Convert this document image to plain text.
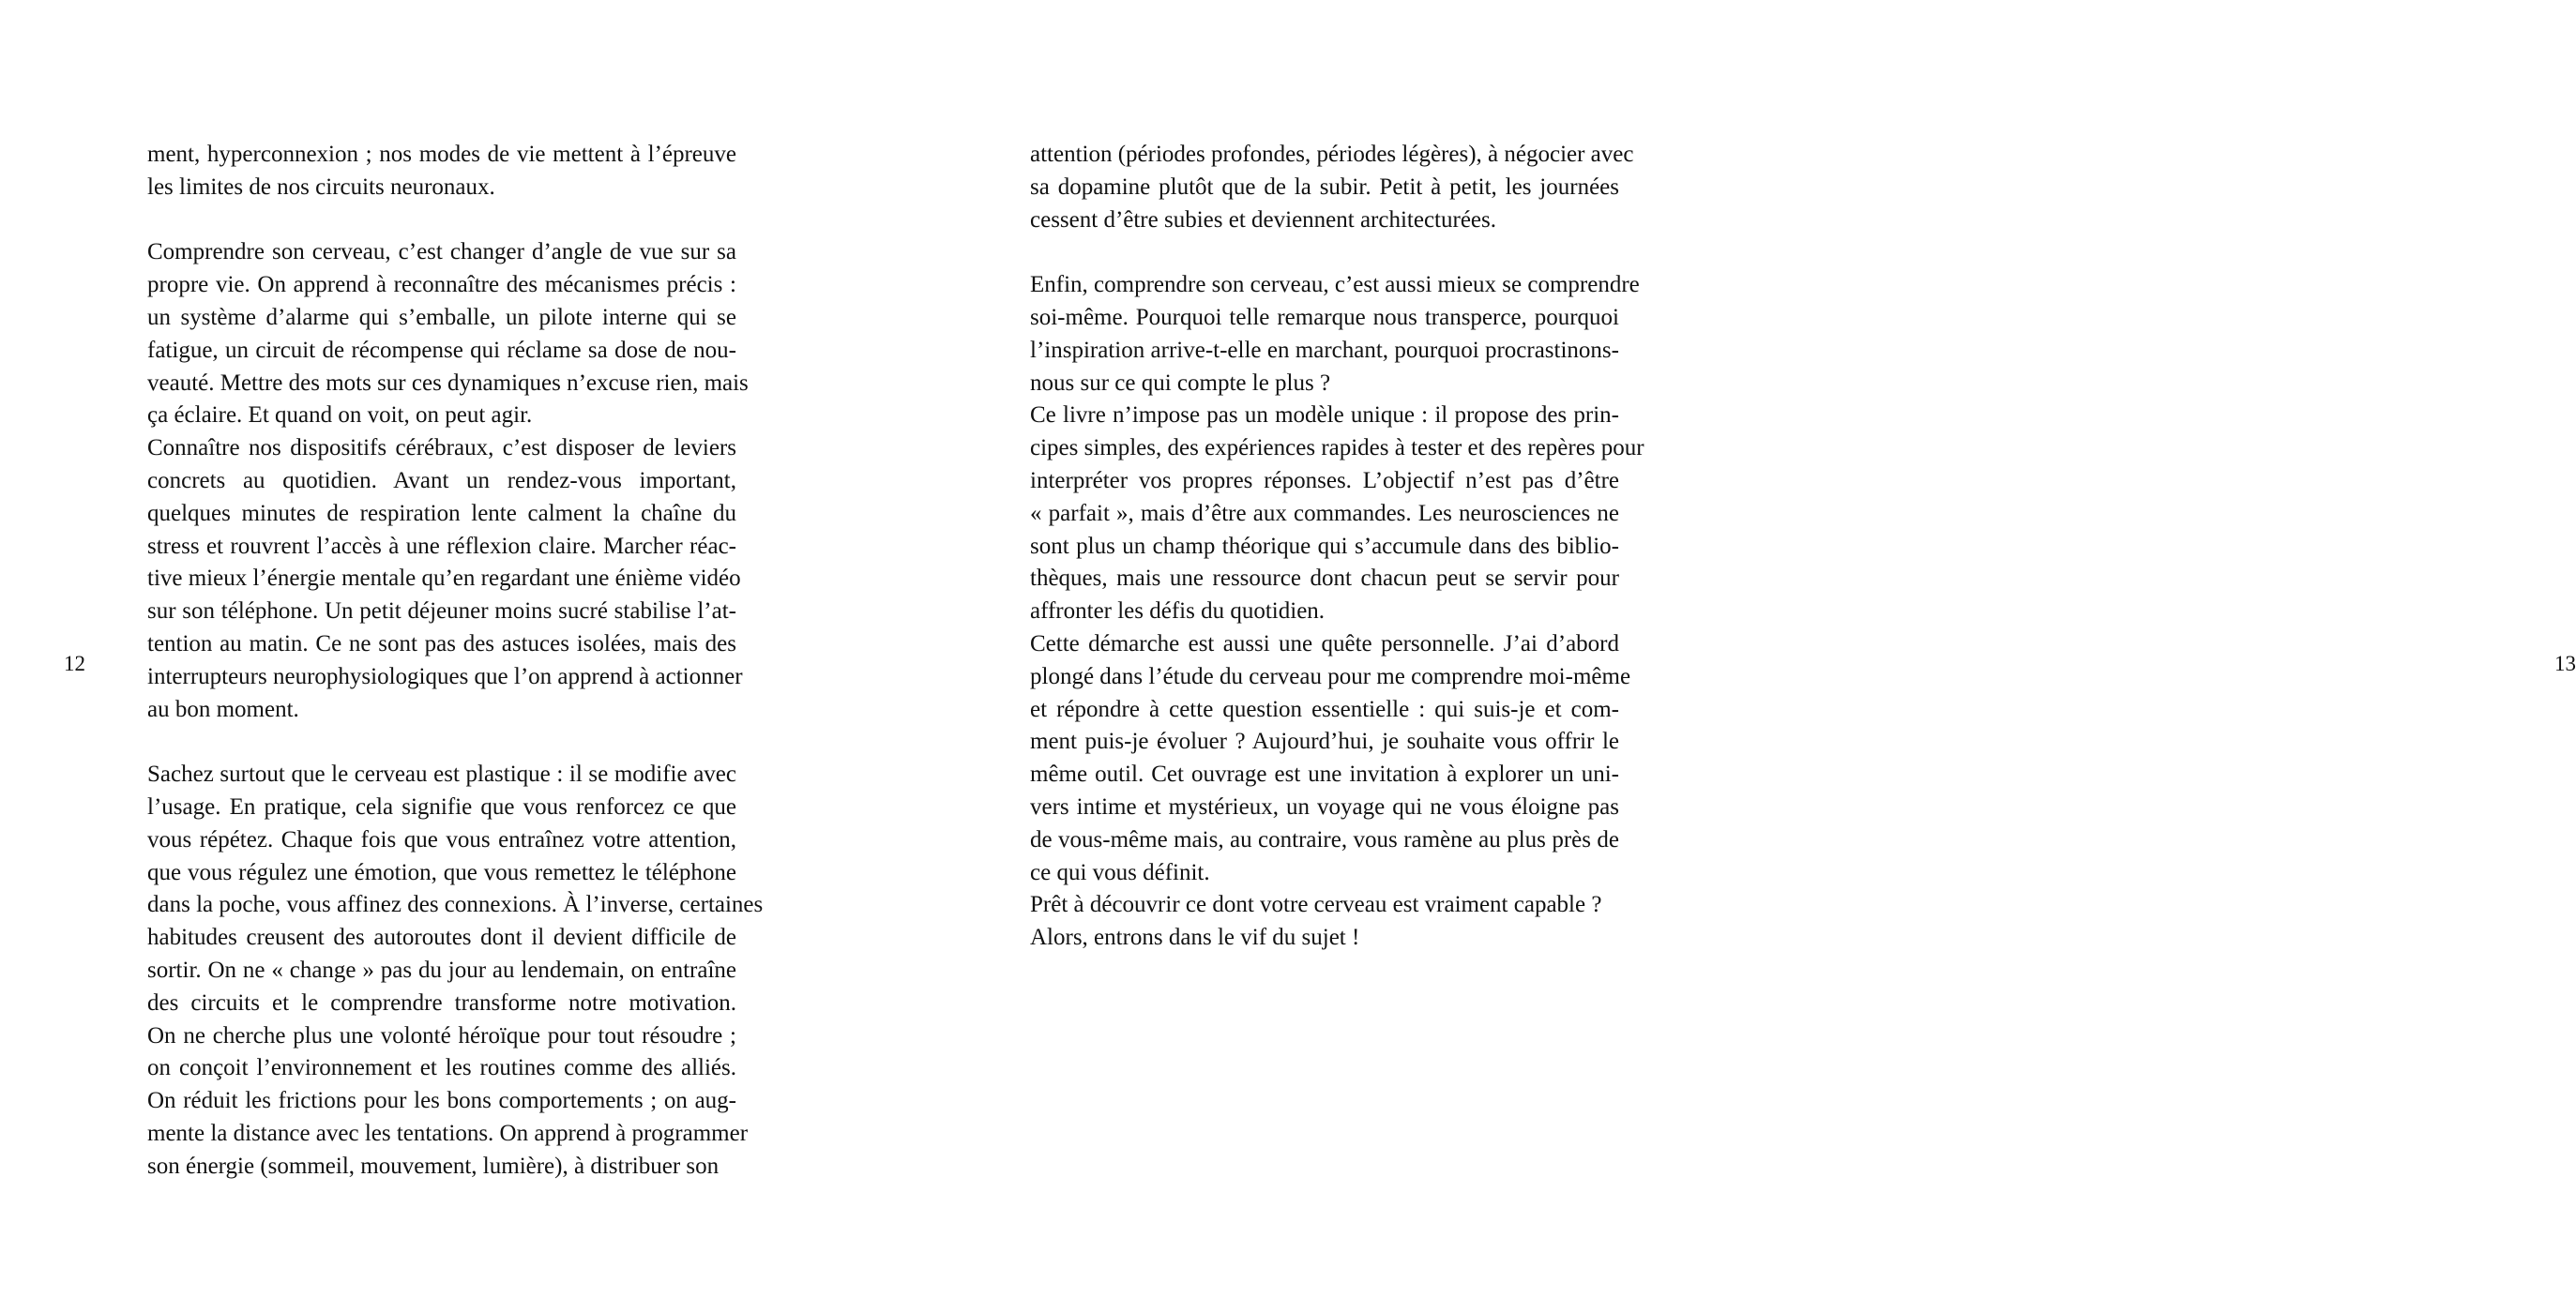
ment, hyperconnexion ; nos modes de vie mettent à l’épreuve
les limites de nos circuits neuronaux.
Comprendre son cerveau, c’est changer d’angle de vue sur sa
propre vie. On apprend à reconnaître des mécanismes précis :
un système d’alarme qui s’emballe, un pilote interne qui se
fatigue, un circuit de récompense qui réclame sa dose de nou-
veauté. Mettre des mots sur ces dynamiques n’excuse rien, mais
ça éclaire. Et quand on voit, on peut agir.
Connaître nos dispositifs cérébraux, c’est disposer de leviers
concrets au quotidien. Avant un rendez-vous important,
quelques minutes de respiration lente calment la chaîne du
stress et rouvrent l’accès à une réflexion claire. Marcher réac-
tive mieux l’énergie mentale qu’en regardant une énième vidéo
sur son téléphone. Un petit déjeuner moins sucré stabilise l’at-
tention au matin. Ce ne sont pas des astuces isolées, mais des
interrupteurs neurophysiologiques que l’on apprend à actionner
au bon moment.
Sachez surtout que le cerveau est plastique : il se modifie avec
l’usage. En pratique, cela signifie que vous renforcez ce que
vous répétez. Chaque fois que vous entraînez votre attention,
que vous régulez une émotion, que vous remettez le téléphone
dans la poche, vous affinez des connexions. À l’inverse, certaines
habitudes creusent des autoroutes dont il devient difficile de
sortir. On ne « change » pas du jour au lendemain, on entraîne
des circuits et le comprendre transforme notre motivation.
On ne cherche plus une volonté héroïque pour tout résoudre ;
on conçoit l’environnement et les routines comme des alliés.
On réduit les frictions pour les bons comportements ; on aug-
mente la distance avec les tentations. On apprend à programmer
son énergie (sommeil, mouvement, lumière), à distribuer son
12
attention (périodes profondes, périodes légères), à négocier avec
sa dopamine plutôt que de la subir. Petit à petit, les journées
cessent d’être subies et deviennent architecturées.
Enfin, comprendre son cerveau, c’est aussi mieux se comprendre
soi-même. Pourquoi telle remarque nous transperce, pourquoi
l’inspiration arrive-t-elle en marchant, pourquoi procrastinons-
nous sur ce qui compte le plus ?
Ce livre n’impose pas un modèle unique : il propose des prin-
cipes simples, des expériences rapides à tester et des repères pour
interpréter vos propres réponses. L’objectif n’est pas d’être
« parfait », mais d’être aux commandes. Les neurosciences ne
sont plus un champ théorique qui s’accumule dans des biblio-
thèques, mais une ressource dont chacun peut se servir pour
affronter les défis du quotidien.
Cette démarche est aussi une quête personnelle. J’ai d’abord
plongé dans l’étude du cerveau pour me comprendre moi-même
et répondre à cette question essentielle : qui suis-je et com-
ment puis-je évoluer ? Aujourd’hui, je souhaite vous offrir le
même outil. Cet ouvrage est une invitation à explorer un uni-
vers intime et mystérieux, un voyage qui ne vous éloigne pas
de vous-même mais, au contraire, vous ramène au plus près de
ce qui vous définit.
Prêt à découvrir ce dont votre cerveau est vraiment capable ?
Alors, entrons dans le vif du sujet !
13
